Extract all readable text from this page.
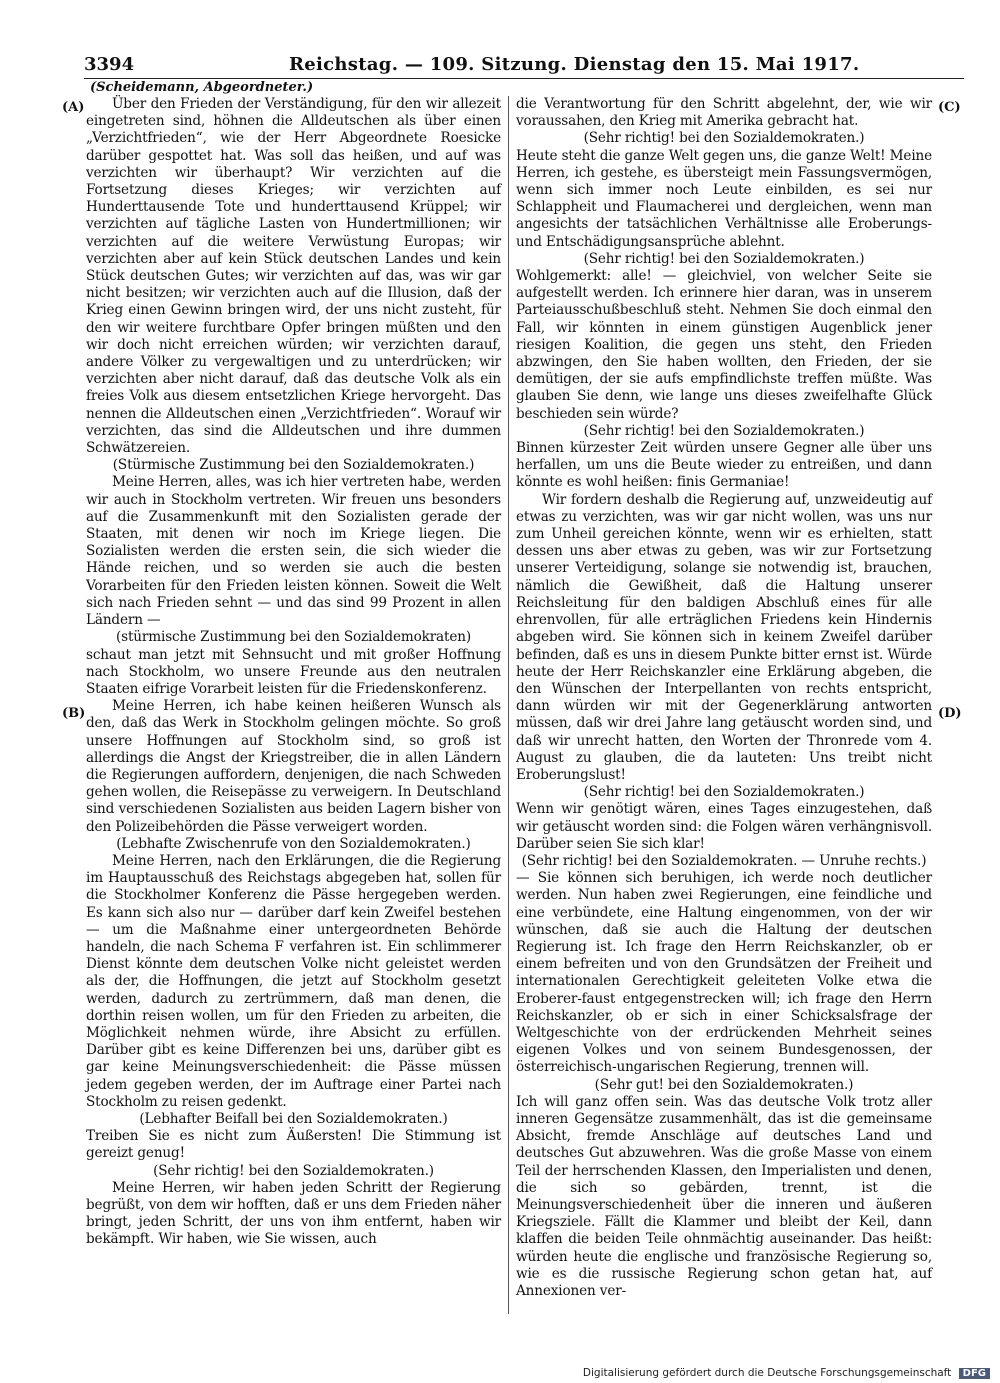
3394	Reichstag. — 109. Sitzung. Dienstag den 15. Mai 1917.
(Scheidemann, Abgeordneter.)
(A)
(B)
(C)
(D)

Über den Frieden der Verständigung, für den wir allezeit eingetreten sind, höhnen die Alldeutschen als über einen „Verzichtfrieden“, wie der Herr Abgeordnete Roesicke darüber gespottet hat. Was soll das heißen, und auf was verzichten wir überhaupt? Wir verzichten auf die Fortsetzung dieses Krieges; wir verzichten auf Hunderttausende Tote und hunderttausend Krüppel; wir verzichten auf tägliche Lasten von Hundertmillionen; wir verzichten auf die weitere Verwüstung Europas; wir verzichten aber auf kein Stück deutschen Landes und kein Stück deutschen Gutes; wir verzichten auf das, was wir gar nicht besitzen; wir verzichten auch auf die Illusion, daß der Krieg einen Gewinn bringen wird, der uns nicht zusteht, für den wir weitere furchtbare Opfer bringen müßten und den wir doch nicht erreichen würden; wir verzichten darauf, andere Völker zu vergewaltigen und zu unterdrücken; wir verzichten aber nicht darauf, daß das deutsche Volk als ein freies Volk aus diesem entsetzlichen Kriege hervorgeht. Das nennen die Alldeutschen einen „Verzichtfrieden“. Worauf wir verzichten, das sind die Alldeutschen und ihre dummen Schwätzereien.

(Stürmische Zustimmung bei den Sozialdemokraten.)

Meine Herren, alles, was ich hier vertreten habe, werden wir auch in Stockholm vertreten. Wir freuen uns besonders auf die Zusammenkunft mit den Sozialisten gerade der Staaten, mit denen wir noch im Kriege liegen. Die Sozialisten werden die ersten sein, die sich wieder die Hände reichen, und so werden sie auch die besten Vorarbeiten für den Frieden leisten können. Soweit die Welt sich nach Frieden sehnt — und das sind 99 Prozent in allen Ländern —

(stürmische Zustimmung bei den Sozialdemokraten)

schaut man jetzt mit Sehnsucht und mit großer Hoffnung nach Stockholm, wo unsere Freunde aus den neutralen Staaten eifrige Vorarbeit leisten für die Friedenskonferenz.

Meine Herren, ich habe keinen heißeren Wunsch als den, daß das Werk in Stockholm gelingen möchte. So groß unsere Hoffnungen auf Stockholm sind, so groß ist allerdings die Angst der Kriegstreiber, die in allen Ländern die Regierungen auffordern, denjenigen, die nach Schweden gehen wollen, die Reisepässe zu verweigern. In Deutschland sind verschiedenen Sozialisten aus beiden Lagern bisher von den Polizeibehörden die Pässe verweigert worden.

(Lebhafte Zwischenrufe von den Sozialdemokraten.)

Meine Herren, nach den Erklärungen, die die Regierung im Hauptausschuß des Reichstags abgegeben hat, sollen für die Stockholmer Konferenz die Pässe hergegeben werden. Es kann sich also nur — darüber darf kein Zweifel bestehen — um die Maßnahme einer untergeordneten Behörde handeln, die nach Schema F verfahren ist. Ein schlimmerer Dienst könnte dem deutschen Volke nicht geleistet werden als der, die Hoffnungen, die jetzt auf Stockholm gesetzt werden, dadurch zu zertrümmern, daß man denen, die dorthin reisen wollen, um für den Frieden zu arbeiten, die Möglichkeit nehmen würde, ihre Absicht zu erfüllen. Darüber gibt es keine Differenzen bei uns, darüber gibt es gar keine Meinungsverschiedenheit: die Pässe müssen jedem gegeben werden, der im Auftrage einer Partei nach Stockholm zu reisen gedenkt.

(Lebhafter Beifall bei den Sozialdemokraten.)

Treiben Sie es nicht zum Äußersten! Die Stimmung ist gereizt genug!

(Sehr richtig! bei den Sozialdemokraten.)

Meine Herren, wir haben jeden Schritt der Regierung begrüßt, von dem wir hofften, daß er uns dem Frieden näher bringt, jeden Schritt, der uns von ihm entfernt, haben wir bekämpft. Wir haben, wie Sie wissen, auch

die Verantwortung für den Schritt abgelehnt, der, wie wir voraussahen, den Krieg mit Amerika gebracht hat.

(Sehr richtig! bei den Sozialdemokraten.)

Heute steht die ganze Welt gegen uns, die ganze Welt! Meine Herren, ich gestehe, es übersteigt mein Fassungsvermögen, wenn sich immer noch Leute einbilden, es sei nur Schlappheit und Flaumacherei und dergleichen, wenn man angesichts der tatsächlichen Verhältnisse alle Eroberungs- und Entschädigungsansprüche ablehnt.

(Sehr richtig! bei den Sozialdemokraten.)

Wohlgemerkt: alle! — gleichviel, von welcher Seite sie aufgestellt werden. Ich erinnere hier daran, was in unserem Parteiausschußbeschluß steht. Nehmen Sie doch einmal den Fall, wir könnten in einem günstigen Augenblick jener riesigen Koalition, die gegen uns steht, den Frieden abzwingen, den Sie haben wollten, den Frieden, der sie demütigen, der sie aufs empfindlichste treffen müßte. Was glauben Sie denn, wie lange uns dieses zweifelhafte Glück beschieden sein würde?

(Sehr richtig! bei den Sozialdemokraten.)

Binnen kürzester Zeit würden unsere Gegner alle über uns herfallen, um uns die Beute wieder zu entreißen, und dann könnte es wohl heißen: finis Germaniae!

Wir fordern deshalb die Regierung auf, unzweideutig auf etwas zu verzichten, was wir gar nicht wollen, was uns nur zum Unheil gereichen könnte, wenn wir es erhielten, statt dessen uns aber etwas zu geben, was wir zur Fortsetzung unserer Verteidigung, solange sie notwendig ist, brauchen, nämlich die Gewißheit, daß die Haltung unserer Reichsleitung für den baldigen Abschluß eines für alle ehrenvollen, für alle erträglichen Friedens kein Hindernis abgeben wird. Sie können sich in keinem Zweifel darüber befinden, daß es uns in diesem Punkte bitter ernst ist. Würde heute der Herr Reichskanzler eine Erklärung abgeben, die den Wünschen der Interpellanten von rechts entspricht, dann würden wir mit der Gegenerklärung antworten müssen, daß wir drei Jahre lang getäuscht worden sind, und daß wir unrecht hatten, den Worten der Thronrede vom 4. August zu glauben, die da lauteten: Uns treibt nicht Eroberungslust!

(Sehr richtig! bei den Sozialdemokraten.)

Wenn wir genötigt wären, eines Tages einzugestehen, daß wir getäuscht worden sind: die Folgen wären verhängnisvoll. Darüber seien Sie sich klar!

(Sehr richtig! bei den Sozialdemokraten. — Unruhe rechts.)

— Sie können sich beruhigen, ich werde noch deutlicher werden. Nun haben zwei Regierungen, eine feindliche und eine verbündete, eine Haltung eingenommen, von der wir wünschen, daß sie auch die Haltung der deutschen Regierung ist. Ich frage den Herrn Reichskanzler, ob er einem befreiten und von den Grundsätzen der Freiheit und internationalen Gerechtigkeit geleiteten Volke etwa die Eroberer-faust entgegenstrecken will; ich frage den Herrn Reichskanzler, ob er sich in einer Schicksalsfrage der Weltgeschichte von der erdrückenden Mehrheit seines eigenen Volkes und von seinem Bundesgenossen, der österreichisch-ungarischen Regierung, trennen will.

(Sehr gut! bei den Sozialdemokraten.)

Ich will ganz offen sein. Was das deutsche Volk trotz aller inneren Gegensätze zusammenhält, das ist die gemeinsame Absicht, fremde Anschläge auf deutsches Land und deutsches Gut abzuwehren. Was die große Masse von einem Teil der herrschenden Klassen, den Imperialisten und denen, die sich so gebärden, trennt, ist die Meinungsverschiedenheit über die inneren und äußeren Kriegsziele. Fällt die Klammer und bleibt der Keil, dann klaffen die beiden Teile ohnmächtig auseinander. Das heißt: würden heute die englische und französische Regierung so, wie es die russische Regierung schon getan hat, auf Annexionen ver-

Digitalisierung gefördert durch die Deutsche Forschungsgemeinschaft DFG
